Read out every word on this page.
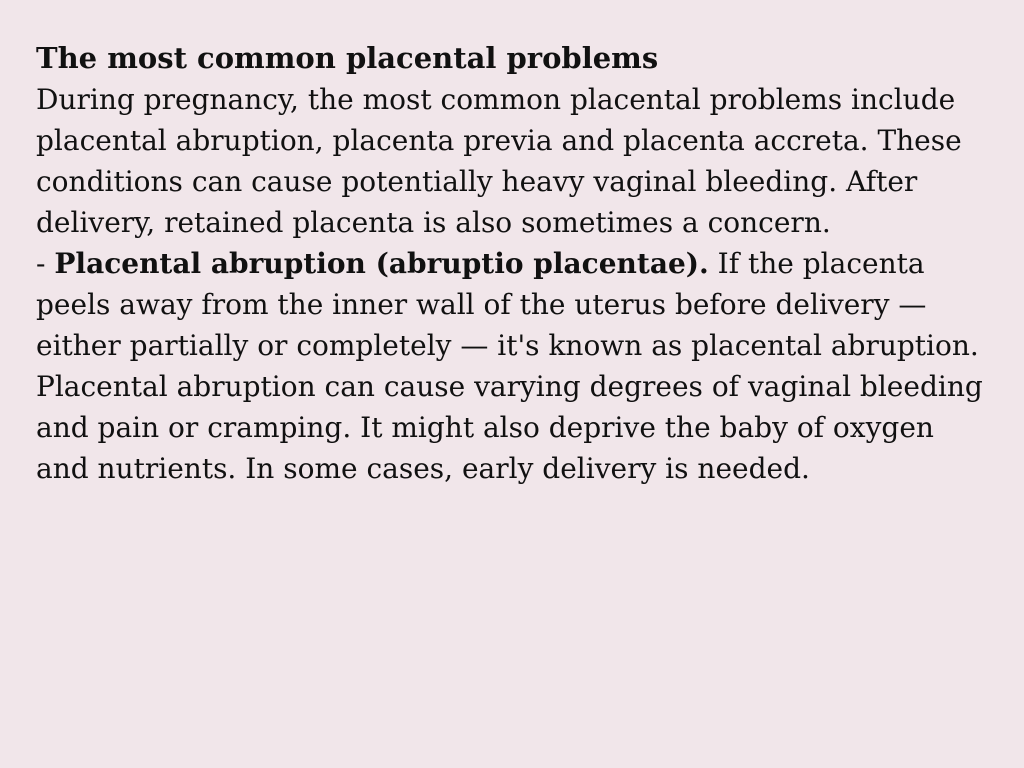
The most common placental problems

During pregnancy, the most common placental problems include placental abruption, placenta previa and placenta accreta. These conditions can cause potentially heavy vaginal bleeding. After delivery, retained placenta is also sometimes a concern.

- Placental abruption (abruptio placentae). If the placenta peels away from the inner wall of the uterus before delivery — either partially or completely — it's known as placental abruption. Placental abruption can cause varying degrees of vaginal bleeding and pain or cramping. It might also deprive the baby of oxygen and nutrients. In some cases, early delivery is needed.
